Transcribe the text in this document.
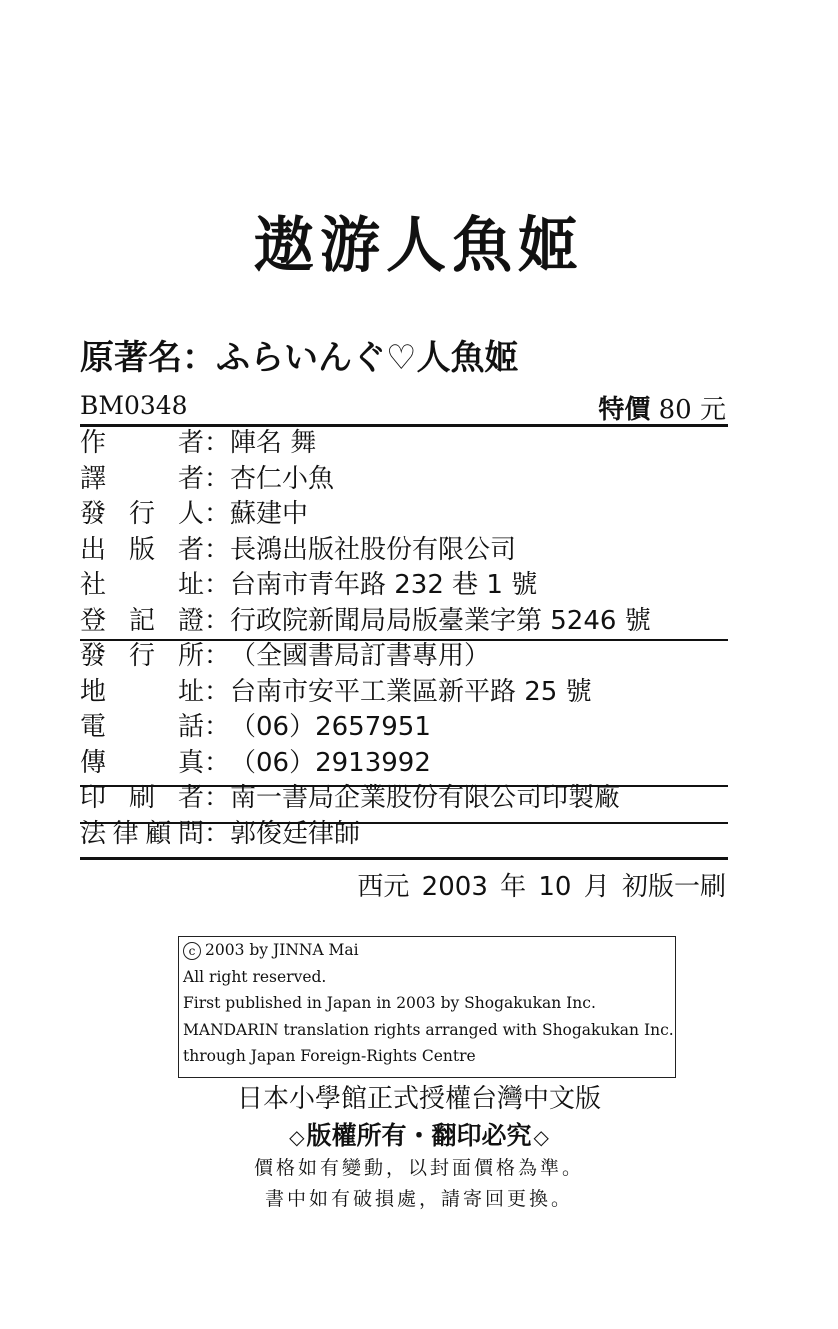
遨游人魚姬
原著名：ふらいんぐ♡人魚姬
BM0348	特價 80 元
作者：陣名 舞
譯者：杏仁小魚
發行人：蘇建中
出版者：長鴻出版社股份有限公司
社址：台南市青年路 232 巷 1 號
登記證：行政院新聞局局版臺業字第 5246 號
發行所：（全國書局訂書專用）
地址：台南市安平工業區新平路 25 號
電話：（06）2657951
傳真：（06）2913992
印刷者：南一書局企業股份有限公司印製廠
法律顧問：郭俊廷律師
西元 2003 年 10 月 初版一刷
c 2003 by JINNA Mai
All right reserved.
First published in Japan in 2003 by Shogakukan Inc.
MANDARIN translation rights arranged with Shogakukan Inc.
through Japan Foreign-Rights Centre
日本小學館正式授權台灣中文版
◇版權所有・翻印必究 ◇
價格如有變動，以封面價格為準。
書中如有破損處，請寄回更換。
